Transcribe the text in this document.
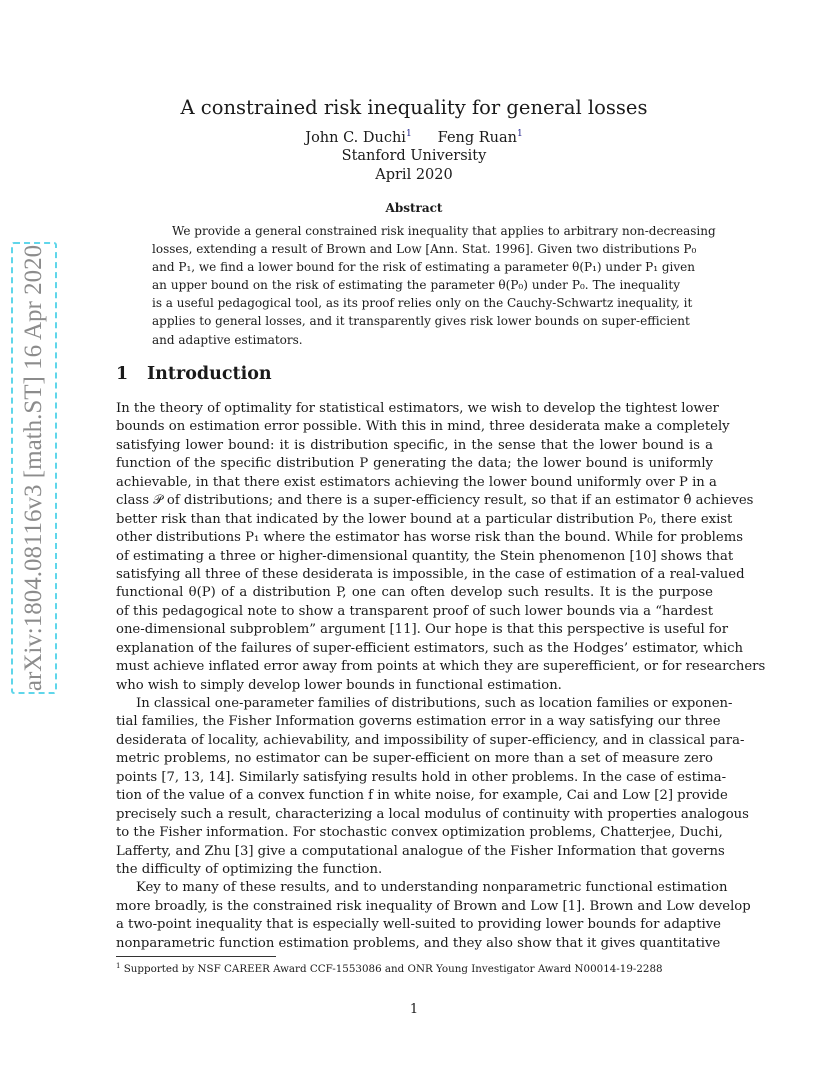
arXiv:1804.08116v3 [math.ST] 16 Apr 2020
A constrained risk inequality for general losses
John C. Duchi$^1$ Feng Ruan$^1$
Stanford University
April 2020
Abstract
We provide a general constrained risk inequality that applies to arbitrary non-decreasing
losses, extending a result of Brown and Low [Ann. Stat. 1996]. Given two distributions P₀
and P₁, we find a lower bound for the risk of estimating a parameter θ(P₁) under P₁ given
an upper bound on the risk of estimating the parameter θ(P₀) under P₀. The inequality
is a useful pedagogical tool, as its proof relies only on the Cauchy-Schwartz inequality, it
applies to general losses, and it transparently gives risk lower bounds on super-efficient
and adaptive estimators.
1 Introduction
In the theory of optimality for statistical estimators, we wish to develop the tightest lower
bounds on estimation error possible. With this in mind, three desiderata make a completely
satisfying lower bound: it is distribution specific, in the sense that the lower bound is a
function of the specific distribution P generating the data; the lower bound is uniformly
achievable, in that there exist estimators achieving the lower bound uniformly over P in a
class 𝒫 of distributions; and there is a super-efficiency result, so that if an estimator θ̂ achieves
better risk than that indicated by the lower bound at a particular distribution P₀, there exist
other distributions P₁ where the estimator has worse risk than the bound. While for problems
of estimating a three or higher-dimensional quantity, the Stein phenomenon [10] shows that
satisfying all three of these desiderata is impossible, in the case of estimation of a real-valued
functional θ(P) of a distribution P, one can often develop such results. It is the purpose
of this pedagogical note to show a transparent proof of such lower bounds via a “hardest
one-dimensional subproblem” argument [11]. Our hope is that this perspective is useful for
explanation of the failures of super-efficient estimators, such as the Hodges’ estimator, which
must achieve inflated error away from points at which they are superefficient, or for researchers
who wish to simply develop lower bounds in functional estimation.
In classical one-parameter families of distributions, such as location families or exponen-
tial families, the Fisher Information governs estimation error in a way satisfying our three
desiderata of locality, achievability, and impossibility of super-efficiency, and in classical para-
metric problems, no estimator can be super-efficient on more than a set of measure zero
points [7, 13, 14]. Similarly satisfying results hold in other problems. In the case of estima-
tion of the value of a convex function f in white noise, for example, Cai and Low [2] provide
precisely such a result, characterizing a local modulus of continuity with properties analogous
to the Fisher information. For stochastic convex optimization problems, Chatterjee, Duchi,
Lafferty, and Zhu [3] give a computational analogue of the Fisher Information that governs
the difficulty of optimizing the function.
Key to many of these results, and to understanding nonparametric functional estimation
more broadly, is the constrained risk inequality of Brown and Low [1]. Brown and Low develop
a two-point inequality that is especially well-suited to providing lower bounds for adaptive
nonparametric function estimation problems, and they also show that it gives quantitative
$^1$ Supported by NSF CAREER Award CCF-1553086 and ONR Young Investigator Award N00014-19-2288
1
